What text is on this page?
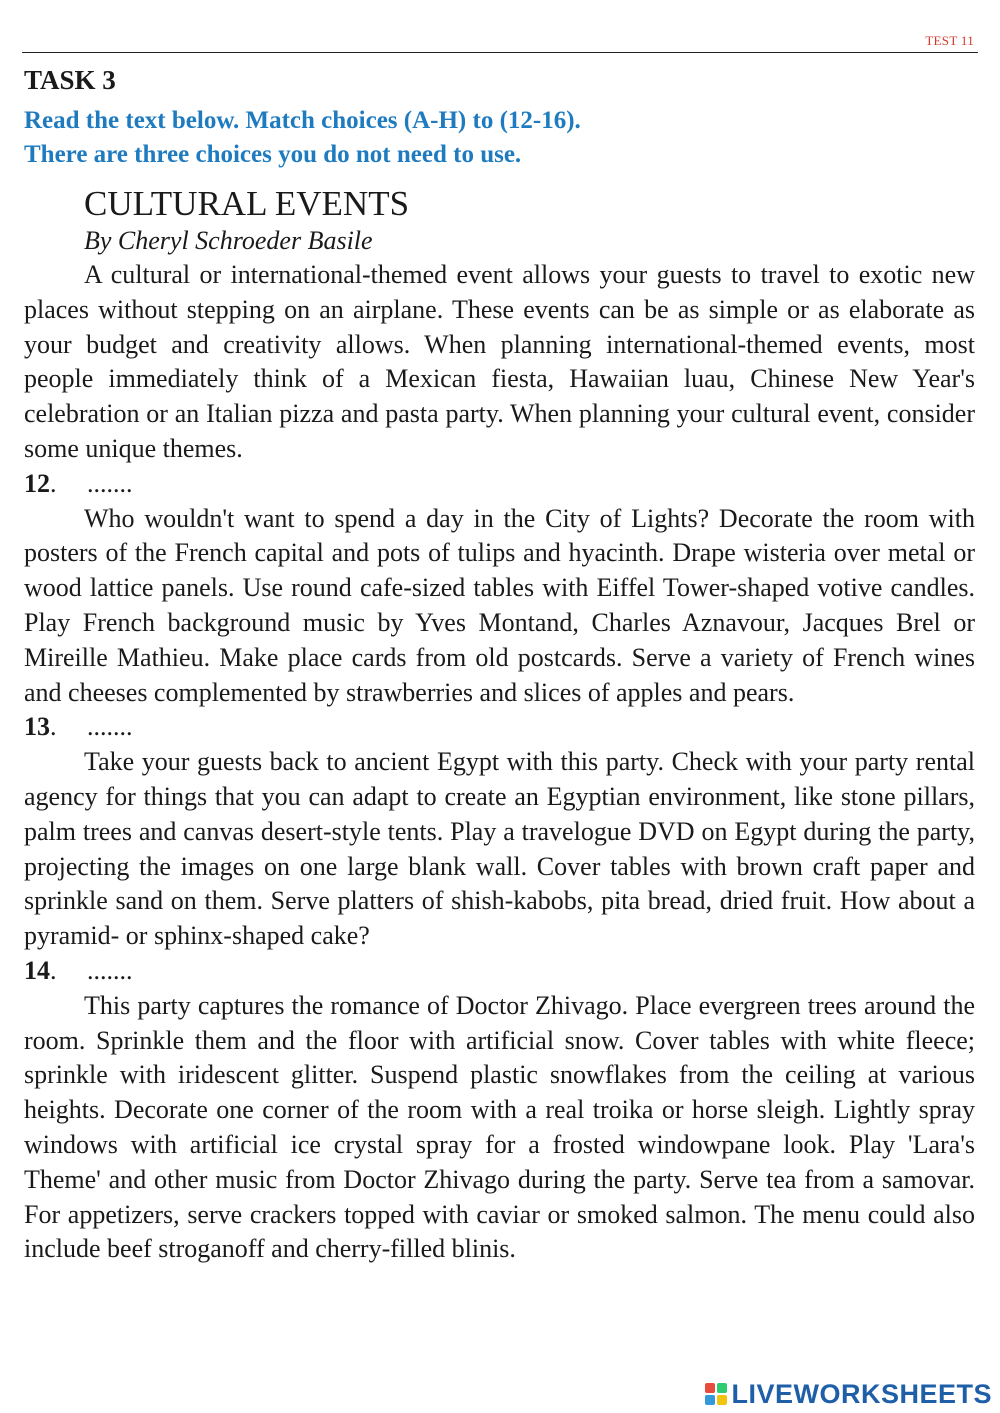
TEST 11
TASK 3
Read the text below. Match choices (A-H) to (12-16).
There are three choices you do not need to use.
CULTURAL EVENTS
By Cheryl Schroeder Basile

A cultural or international-themed event allows your guests to travel to exotic new places without stepping on an airplane. These events can be as simple or as elaborate as your budget and creativity allows. When planning international-themed events, most people immediately think of a Mexican fiesta, Hawaiian luau, Chinese New Year's celebration or an Italian pizza and pasta party. When planning your cultural event, consider some unique themes.

12. .......

Who wouldn't want to spend a day in the City of Lights? Decorate the room with posters of the French capital and pots of tulips and hyacinth. Drape wisteria over metal or wood lattice panels. Use round cafe-sized tables with Eiffel Tower-shaped votive candles. Play French background music by Yves Montand, Charles Aznavour, Jacques Brel or Mireille Mathieu. Make place cards from old postcards. Serve a variety of French wines and cheeses complemented by strawberries and slices of apples and pears.

13. .......

Take your guests back to ancient Egypt with this party. Check with your party rental agency for things that you can adapt to create an Egyptian environment, like stone pillars, palm trees and canvas desert-style tents. Play a travelogue DVD on Egypt during the party, projecting the images on one large blank wall. Cover tables with brown craft paper and sprinkle sand on them. Serve platters of shish-kabobs, pita bread, dried fruit. How about a pyramid- or sphinx-shaped cake?

14. .......

This party captures the romance of Doctor Zhivago. Place evergreen trees around the room. Sprinkle them and the floor with artificial snow. Cover tables with white fleece; sprinkle with iridescent glitter. Suspend plastic snowflakes from the ceiling at various heights. Decorate one corner of the room with a real troika or horse sleigh. Lightly spray windows with artificial ice crystal spray for a frosted windowpane look. Play 'Lara's Theme' and other music from Doctor Zhivago during the party. Serve tea from a samovar. For appetizers, serve crackers topped with caviar or smoked salmon. The menu could also include beef stroganoff and cherry-filled blinis.

LIVEWORKSHEETS
